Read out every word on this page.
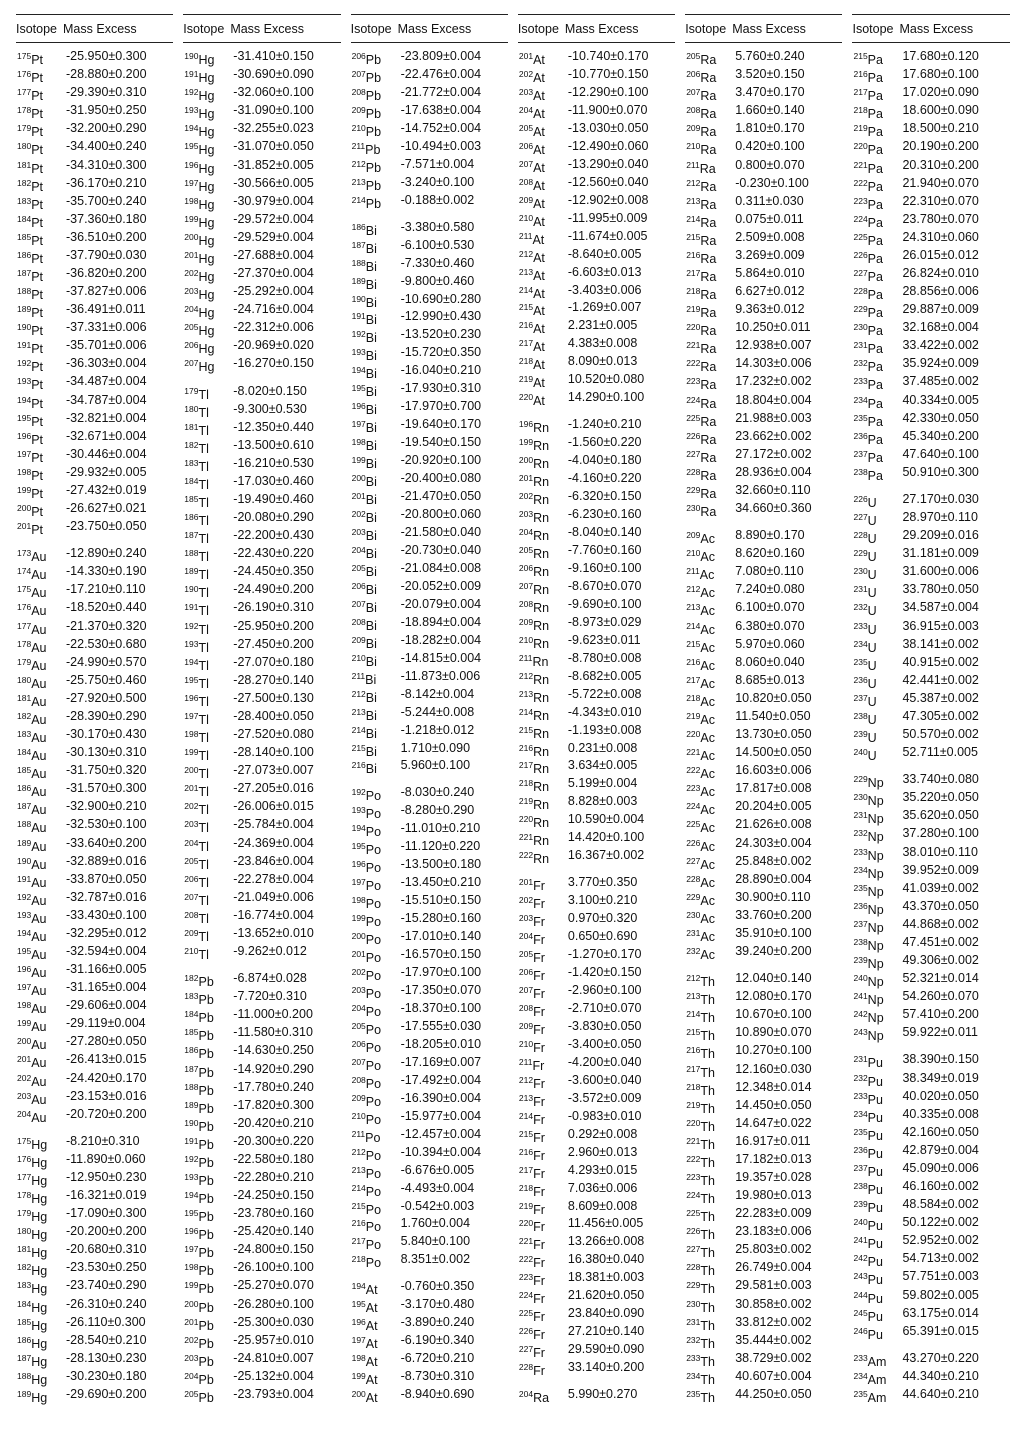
Isotope Mass Excess
$^{175}$Pt -25.950±0.300
$^{176}$Pt -28.880±0.200
$^{177}$Pt -29.390±0.310
$^{178}$Pt -31.950±0.250
$^{179}$Pt -32.200±0.290
$^{180}$Pt -34.400±0.240
$^{181}$Pt -34.310±0.300
$^{182}$Pt -36.170±0.210
$^{183}$Pt -35.700±0.240
$^{184}$Pt -37.360±0.180
$^{185}$Pt -36.510±0.200
$^{186}$Pt -37.790±0.030
$^{187}$Pt -36.820±0.200
$^{188}$Pt -37.827±0.006
$^{189}$Pt -36.491±0.011
$^{190}$Pt -37.331±0.006
$^{191}$Pt -35.701±0.006
$^{192}$Pt -36.303±0.004
$^{193}$Pt -34.487±0.004
$^{194}$Pt -34.787±0.004
$^{195}$Pt -32.821±0.004
$^{196}$Pt -32.671±0.004
$^{197}$Pt -30.446±0.004
$^{198}$Pt -29.932±0.005
$^{199}$Pt -27.432±0.019
$^{200}$Pt -26.627±0.021
$^{201}$Pt -23.750±0.050
$^{173}$Au -12.890±0.240
$^{174}$Au -14.330±0.190
$^{175}$Au -17.210±0.110
$^{176}$Au -18.520±0.440
$^{177}$Au -21.370±0.320
$^{178}$Au -22.530±0.680
$^{179}$Au -24.990±0.570
$^{180}$Au -25.750±0.460
$^{181}$Au -27.920±0.500
$^{182}$Au -28.390±0.290
$^{183}$Au -30.170±0.430
$^{184}$Au -30.130±0.310
$^{185}$Au -31.750±0.320
$^{186}$Au -31.570±0.300
$^{187}$Au -32.900±0.210
$^{188}$Au -32.530±0.100
$^{189}$Au -33.640±0.200
$^{190}$Au -32.889±0.016
$^{191}$Au -33.870±0.050
$^{192}$Au -32.787±0.016
$^{193}$Au -33.430±0.100
$^{194}$Au -32.295±0.012
$^{195}$Au -32.594±0.004
$^{196}$Au -31.166±0.005
$^{197}$Au -31.165±0.004
$^{198}$Au -29.606±0.004
$^{199}$Au -29.119±0.004
$^{200}$Au -27.280±0.050
$^{201}$Au -26.413±0.015
$^{202}$Au -24.420±0.170
$^{203}$Au -23.153±0.016
$^{204}$Au -20.720±0.200
$^{175}$Hg -8.210±0.310
$^{176}$Hg -11.890±0.060
$^{177}$Hg -12.950±0.230
$^{178}$Hg -16.321±0.019
$^{179}$Hg -17.090±0.300
$^{180}$Hg -20.200±0.200
$^{181}$Hg -20.680±0.310
$^{182}$Hg -23.530±0.250
$^{183}$Hg -23.740±0.290
$^{184}$Hg -26.310±0.240
$^{185}$Hg -26.110±0.300
$^{186}$Hg -28.540±0.210
$^{187}$Hg -28.130±0.230
$^{188}$Hg -30.230±0.180
$^{189}$Hg -29.690±0.200
Isotope Mass Excess
$^{190}$Hg -31.410±0.150
$^{191}$Hg -30.690±0.090
$^{192}$Hg -32.060±0.100
$^{193}$Hg -31.090±0.100
$^{194}$Hg -32.255±0.023
$^{195}$Hg -31.070±0.050
$^{196}$Hg -31.852±0.005
$^{197}$Hg -30.566±0.005
$^{198}$Hg -30.979±0.004
$^{199}$Hg -29.572±0.004
$^{200}$Hg -29.529±0.004
$^{201}$Hg -27.688±0.004
$^{202}$Hg -27.370±0.004
$^{203}$Hg -25.292±0.004
$^{204}$Hg -24.716±0.004
$^{205}$Hg -22.312±0.006
$^{206}$Hg -20.969±0.020
$^{207}$Hg -16.270±0.150
$^{179}$Tl -8.020±0.150
$^{180}$Tl -9.300±0.530
$^{181}$Tl -12.350±0.440
$^{182}$Tl -13.500±0.610
$^{183}$Tl -16.210±0.530
$^{184}$Tl -17.030±0.460
$^{185}$Tl -19.490±0.460
$^{186}$Tl -20.080±0.290
$^{187}$Tl -22.200±0.430
$^{188}$Tl -22.430±0.220
$^{189}$Tl -24.450±0.350
$^{190}$Tl -24.490±0.200
$^{191}$Tl -26.190±0.310
$^{192}$Tl -25.950±0.200
$^{193}$Tl -27.450±0.200
$^{194}$Tl -27.070±0.180
$^{195}$Tl -28.270±0.140
$^{196}$Tl -27.500±0.130
$^{197}$Tl -28.400±0.050
$^{198}$Tl -27.520±0.080
$^{199}$Tl -28.140±0.100
$^{200}$Tl -27.073±0.007
$^{201}$Tl -27.205±0.016
$^{202}$Tl -26.006±0.015
$^{203}$Tl -25.784±0.004
$^{204}$Tl -24.369±0.004
$^{205}$Tl -23.846±0.004
$^{206}$Tl -22.278±0.004
$^{207}$Tl -21.049±0.006
$^{208}$Tl -16.774±0.004
$^{209}$Tl -13.652±0.010
$^{210}$Tl -9.262±0.012
$^{182}$Pb -6.874±0.028
$^{183}$Pb -7.720±0.310
$^{184}$Pb -11.000±0.200
$^{185}$Pb -11.580±0.310
$^{186}$Pb -14.630±0.250
$^{187}$Pb -14.920±0.290
$^{188}$Pb -17.780±0.240
$^{189}$Pb -17.820±0.300
$^{190}$Pb -20.420±0.210
$^{191}$Pb -20.300±0.220
$^{192}$Pb -22.580±0.180
$^{193}$Pb -22.280±0.210
$^{194}$Pb -24.250±0.150
$^{195}$Pb -23.780±0.160
$^{196}$Pb -25.420±0.140
$^{197}$Pb -24.800±0.150
$^{198}$Pb -26.100±0.100
$^{199}$Pb -25.270±0.070
$^{200}$Pb -26.280±0.100
$^{201}$Pb -25.300±0.030
$^{202}$Pb -25.957±0.010
$^{203}$Pb -24.810±0.007
$^{204}$Pb -25.132±0.004
$^{205}$Pb -23.793±0.004
Isotope Mass Excess
$^{206}$Pb -23.809±0.004
$^{207}$Pb -22.476±0.004
$^{208}$Pb -21.772±0.004
$^{209}$Pb -17.638±0.004
$^{210}$Pb -14.752±0.004
$^{211}$Pb -10.494±0.003
$^{212}$Pb -7.571±0.004
$^{213}$Pb -3.240±0.100
$^{214}$Pb -0.188±0.002
$^{186}$Bi -3.380±0.580
$^{187}$Bi -6.100±0.530
$^{188}$Bi -7.330±0.460
$^{189}$Bi -9.800±0.460
$^{190}$Bi -10.690±0.280
$^{191}$Bi -12.990±0.430
$^{192}$Bi -13.520±0.230
$^{193}$Bi -15.720±0.350
$^{194}$Bi -16.040±0.210
$^{195}$Bi -17.930±0.310
$^{196}$Bi -17.970±0.700
$^{197}$Bi -19.640±0.170
$^{198}$Bi -19.540±0.150
$^{199}$Bi -20.920±0.100
$^{200}$Bi -20.400±0.080
$^{201}$Bi -21.470±0.050
$^{202}$Bi -20.800±0.060
$^{203}$Bi -21.580±0.040
$^{204}$Bi -20.730±0.040
$^{205}$Bi -21.084±0.008
$^{206}$Bi -20.052±0.009
$^{207}$Bi -20.079±0.004
$^{208}$Bi -18.894±0.004
$^{209}$Bi -18.282±0.004
$^{210}$Bi -14.815±0.004
$^{211}$Bi -11.873±0.006
$^{212}$Bi -8.142±0.004
$^{213}$Bi -5.244±0.008
$^{214}$Bi -1.218±0.012
$^{215}$Bi 1.710±0.090
$^{216}$Bi 5.960±0.100
$^{192}$Po -8.030±0.240
$^{193}$Po -8.280±0.290
$^{194}$Po -11.010±0.210
$^{195}$Po -11.120±0.220
$^{196}$Po -13.500±0.180
$^{197}$Po -13.450±0.210
$^{198}$Po -15.510±0.150
$^{199}$Po -15.280±0.160
$^{200}$Po -17.010±0.140
$^{201}$Po -16.570±0.150
$^{202}$Po -17.970±0.100
$^{203}$Po -17.350±0.070
$^{204}$Po -18.370±0.100
$^{205}$Po -17.555±0.030
$^{206}$Po -18.205±0.010
$^{207}$Po -17.169±0.007
$^{208}$Po -17.492±0.004
$^{209}$Po -16.390±0.004
$^{210}$Po -15.977±0.004
$^{211}$Po -12.457±0.004
$^{212}$Po -10.394±0.004
$^{213}$Po -6.676±0.005
$^{214}$Po -4.493±0.004
$^{215}$Po -0.542±0.003
$^{216}$Po 1.760±0.004
$^{217}$Po 5.840±0.100
$^{218}$Po 8.351±0.002
$^{194}$At -0.760±0.350
$^{195}$At -3.170±0.480
$^{196}$At -3.890±0.240
$^{197}$At -6.190±0.340
$^{198}$At -6.720±0.210
$^{199}$At -8.730±0.310
$^{200}$At -8.940±0.690
Isotope Mass Excess
$^{201}$At -10.740±0.170
$^{202}$At -10.770±0.150
$^{203}$At -12.290±0.100
$^{204}$At -11.900±0.070
$^{205}$At -13.030±0.050
$^{206}$At -12.490±0.060
$^{207}$At -13.290±0.040
$^{208}$At -12.560±0.040
$^{209}$At -12.902±0.008
$^{210}$At -11.995±0.009
$^{211}$At -11.674±0.005
$^{212}$At -8.640±0.005
$^{213}$At -6.603±0.013
$^{214}$At -3.403±0.006
$^{215}$At -1.269±0.007
$^{216}$At 2.231±0.005
$^{217}$At 4.383±0.008
$^{218}$At 8.090±0.013
$^{219}$At 10.520±0.080
$^{220}$At 14.290±0.100
$^{196}$Rn -1.240±0.210
$^{199}$Rn -1.560±0.220
$^{200}$Rn -4.040±0.180
$^{201}$Rn -4.160±0.220
$^{202}$Rn -6.320±0.150
$^{203}$Rn -6.230±0.160
$^{204}$Rn -8.040±0.140
$^{205}$Rn -7.760±0.160
$^{206}$Rn -9.160±0.100
$^{207}$Rn -8.670±0.070
$^{208}$Rn -9.690±0.100
$^{209}$Rn -8.973±0.029
$^{210}$Rn -9.623±0.011
$^{211}$Rn -8.780±0.008
$^{212}$Rn -8.682±0.005
$^{213}$Rn -5.722±0.008
$^{214}$Rn -4.343±0.010
$^{215}$Rn -1.193±0.008
$^{216}$Rn 0.231±0.008
$^{217}$Rn 3.634±0.005
$^{218}$Rn 5.199±0.004
$^{219}$Rn 8.828±0.003
$^{220}$Rn 10.590±0.004
$^{221}$Rn 14.420±0.100
$^{222}$Rn 16.367±0.002
$^{201}$Fr 3.770±0.350
$^{202}$Fr 3.100±0.210
$^{203}$Fr 0.970±0.320
$^{204}$Fr 0.650±0.690
$^{205}$Fr -1.270±0.170
$^{206}$Fr -1.420±0.150
$^{207}$Fr -2.960±0.100
$^{208}$Fr -2.710±0.070
$^{209}$Fr -3.830±0.050
$^{210}$Fr -3.400±0.050
$^{211}$Fr -4.200±0.040
$^{212}$Fr -3.600±0.040
$^{213}$Fr -3.572±0.009
$^{214}$Fr -0.983±0.010
$^{215}$Fr 0.292±0.008
$^{216}$Fr 2.960±0.013
$^{217}$Fr 4.293±0.015
$^{218}$Fr 7.036±0.006
$^{219}$Fr 8.609±0.008
$^{220}$Fr 11.456±0.005
$^{221}$Fr 13.266±0.008
$^{222}$Fr 16.380±0.040
$^{223}$Fr 18.381±0.003
$^{224}$Fr 21.620±0.050
$^{225}$Fr 23.840±0.090
$^{226}$Fr 27.210±0.140
$^{227}$Fr 29.590±0.090
$^{228}$Fr 33.140±0.200
$^{204}$Ra 5.990±0.270
Isotope Mass Excess
$^{205}$Ra 5.760±0.240
$^{206}$Ra 3.520±0.150
$^{207}$Ra 3.470±0.170
$^{208}$Ra 1.660±0.140
$^{209}$Ra 1.810±0.170
$^{210}$Ra 0.420±0.100
$^{211}$Ra 0.800±0.070
$^{212}$Ra -0.230±0.100
$^{213}$Ra 0.311±0.030
$^{214}$Ra 0.075±0.011
$^{215}$Ra 2.509±0.008
$^{216}$Ra 3.269±0.009
$^{217}$Ra 5.864±0.010
$^{218}$Ra 6.627±0.012
$^{219}$Ra 9.363±0.012
$^{220}$Ra 10.250±0.011
$^{221}$Ra 12.938±0.007
$^{222}$Ra 14.303±0.006
$^{223}$Ra 17.232±0.002
$^{224}$Ra 18.804±0.004
$^{225}$Ra 21.988±0.003
$^{226}$Ra 23.662±0.002
$^{227}$Ra 27.172±0.002
$^{228}$Ra 28.936±0.004
$^{229}$Ra 32.660±0.110
$^{230}$Ra 34.660±0.360
$^{209}$Ac 8.890±0.170
$^{210}$Ac 8.620±0.160
$^{211}$Ac 7.080±0.110
$^{212}$Ac 7.240±0.080
$^{213}$Ac 6.100±0.070
$^{214}$Ac 6.380±0.070
$^{215}$Ac 5.970±0.060
$^{216}$Ac 8.060±0.040
$^{217}$Ac 8.685±0.013
$^{218}$Ac 10.820±0.050
$^{219}$Ac 11.540±0.050
$^{220}$Ac 13.730±0.050
$^{221}$Ac 14.500±0.050
$^{222}$Ac 16.603±0.006
$^{223}$Ac 17.817±0.008
$^{224}$Ac 20.204±0.005
$^{225}$Ac 21.626±0.008
$^{226}$Ac 24.303±0.004
$^{227}$Ac 25.848±0.002
$^{228}$Ac 28.890±0.004
$^{229}$Ac 30.900±0.110
$^{230}$Ac 33.760±0.200
$^{231}$Ac 35.910±0.100
$^{232}$Ac 39.240±0.200
$^{212}$Th 12.040±0.140
$^{213}$Th 12.080±0.170
$^{214}$Th 10.670±0.100
$^{215}$Th 10.890±0.070
$^{216}$Th 10.270±0.100
$^{217}$Th 12.160±0.030
$^{218}$Th 12.348±0.014
$^{219}$Th 14.450±0.050
$^{220}$Th 14.647±0.022
$^{221}$Th 16.917±0.011
$^{222}$Th 17.182±0.013
$^{223}$Th 19.357±0.028
$^{224}$Th 19.980±0.013
$^{225}$Th 22.283±0.009
$^{226}$Th 23.183±0.006
$^{227}$Th 25.803±0.002
$^{228}$Th 26.749±0.004
$^{229}$Th 29.581±0.003
$^{230}$Th 30.858±0.002
$^{231}$Th 33.812±0.002
$^{232}$Th 35.444±0.002
$^{233}$Th 38.729±0.002
$^{234}$Th 40.607±0.004
$^{235}$Th 44.250±0.050
Isotope Mass Excess
$^{215}$Pa 17.680±0.120
$^{216}$Pa 17.680±0.100
$^{217}$Pa 17.020±0.090
$^{218}$Pa 18.600±0.090
$^{219}$Pa 18.500±0.210
$^{220}$Pa 20.190±0.200
$^{221}$Pa 20.310±0.200
$^{222}$Pa 21.940±0.070
$^{223}$Pa 22.310±0.070
$^{224}$Pa 23.780±0.070
$^{225}$Pa 24.310±0.060
$^{226}$Pa 26.015±0.012
$^{227}$Pa 26.824±0.010
$^{228}$Pa 28.856±0.006
$^{229}$Pa 29.887±0.009
$^{230}$Pa 32.168±0.004
$^{231}$Pa 33.422±0.002
$^{232}$Pa 35.924±0.009
$^{233}$Pa 37.485±0.002
$^{234}$Pa 40.334±0.005
$^{235}$Pa 42.330±0.050
$^{236}$Pa 45.340±0.200
$^{237}$Pa 47.640±0.100
$^{238}$Pa 50.910±0.300
$^{226}$U 27.170±0.030
$^{227}$U 28.970±0.110
$^{228}$U 29.209±0.016
$^{229}$U 31.181±0.009
$^{230}$U 31.600±0.006
$^{231}$U 33.780±0.050
$^{232}$U 34.587±0.004
$^{233}$U 36.915±0.003
$^{234}$U 38.141±0.002
$^{235}$U 40.915±0.002
$^{236}$U 42.441±0.002
$^{237}$U 45.387±0.002
$^{238}$U 47.305±0.002
$^{239}$U 50.570±0.002
$^{240}$U 52.711±0.005
$^{229}$Np 33.740±0.080
$^{230}$Np 35.220±0.050
$^{231}$Np 35.620±0.050
$^{232}$Np 37.280±0.100
$^{233}$Np 38.010±0.110
$^{234}$Np 39.952±0.009
$^{235}$Np 41.039±0.002
$^{236}$Np 43.370±0.050
$^{237}$Np 44.868±0.002
$^{238}$Np 47.451±0.002
$^{239}$Np 49.306±0.002
$^{240}$Np 52.321±0.014
$^{241}$Np 54.260±0.070
$^{242}$Np 57.410±0.200
$^{243}$Np 59.922±0.011
$^{231}$Pu 38.390±0.150
$^{232}$Pu 38.349±0.019
$^{233}$Pu 40.020±0.050
$^{234}$Pu 40.335±0.008
$^{235}$Pu 42.160±0.050
$^{236}$Pu 42.879±0.004
$^{237}$Pu 45.090±0.006
$^{238}$Pu 46.160±0.002
$^{239}$Pu 48.584±0.002
$^{240}$Pu 50.122±0.002
$^{241}$Pu 52.952±0.002
$^{242}$Pu 54.713±0.002
$^{243}$Pu 57.751±0.003
$^{244}$Pu 59.802±0.005
$^{245}$Pu 63.175±0.014
$^{246}$Pu 65.391±0.015
$^{233}$Am 43.270±0.220
$^{234}$Am 44.340±0.210
$^{235}$Am 44.640±0.210
